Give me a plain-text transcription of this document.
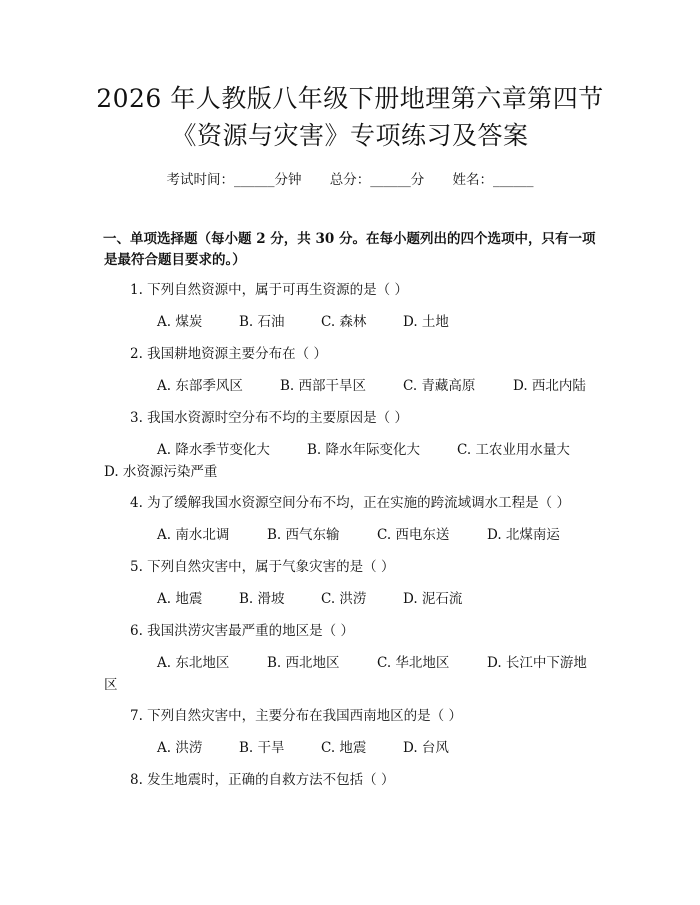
2026 年人教版八年级下册地理第六章第四节
《资源与灾害》专项练习及答案
考试时间：______分钟 总分：______分 姓名：______
一、单项选择题（每小题 2 分，共 30 分。在每小题列出的四个选项中，只有一项
是最符合题目要求的。）
1. 下列自然资源中，属于可再生资源的是（ ）
A. 煤炭	B. 石油	C. 森林	D. 土地
2. 我国耕地资源主要分布在（ ）
A. 东部季风区	B. 西部干旱区	C. 青藏高原	D. 西北内陆
3. 我国水资源时空分布不均的主要原因是（ ）
A. 降水季节变化大	B. 降水年际变化大	C. 工农业用水量大
D. 水资源污染严重
4. 为了缓解我国水资源空间分布不均，正在实施的跨流域调水工程是（ ）
A. 南水北调	B. 西气东输	C. 西电东送	D. 北煤南运
5. 下列自然灾害中，属于气象灾害的是（ ）
A. 地震	B. 滑坡	C. 洪涝	D. 泥石流
6. 我国洪涝灾害最严重的地区是（ ）
A. 东北地区	B. 西北地区	C. 华北地区	D. 长江中下游地
区
7. 下列自然灾害中，主要分布在我国西南地区的是（ ）
A. 洪涝	B. 干旱	C. 地震	D. 台风
8. 发生地震时，正确的自救方法不包括（ ）
